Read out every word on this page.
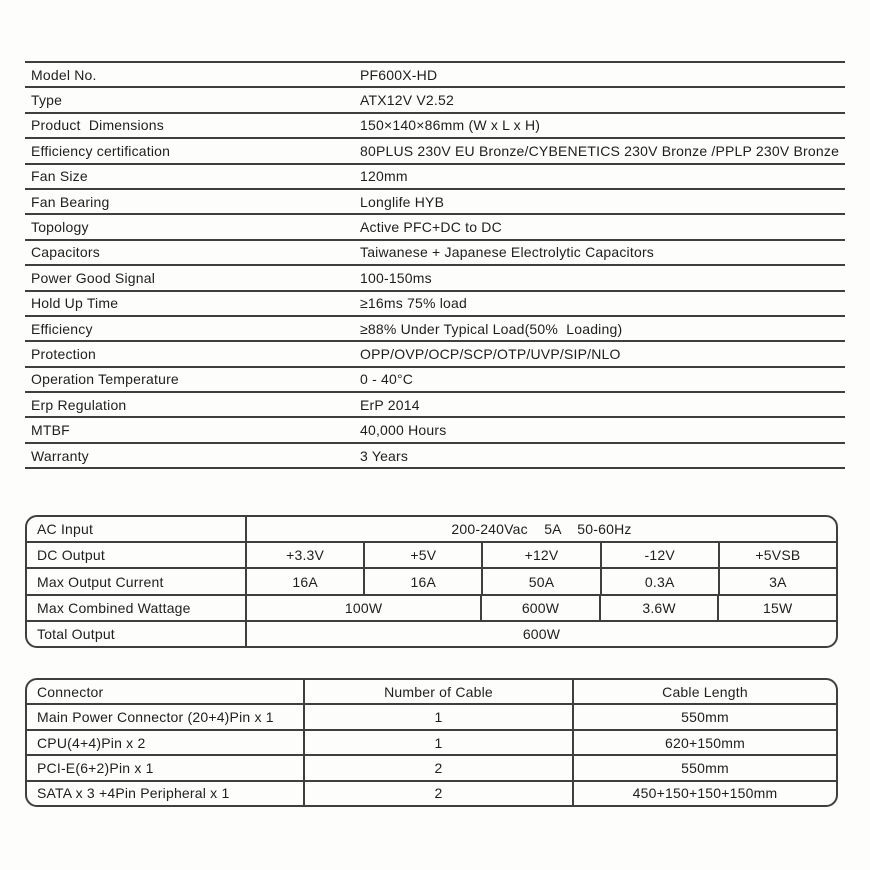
Model No.	PF600X-HD
Type	ATX12V V2.52
Product  Dimensions	150×140×86mm (W x L x H)
Efficiency certification	80PLUS 230V EU Bronze/CYBENETICS 230V Bronze /PPLP 230V Bronze
Fan Size	120mm
Fan Bearing	Longlife HYB
Topology	Active PFC+DC to DC
Capacitors	Taiwanese + Japanese Electrolytic Capacitors
Power Good Signal	100-150ms
Hold Up Time	≥16ms 75% load
Efficiency	≥88% Under Typical Load(50%  Loading)
Protection	OPP/OVP/OCP/SCP/OTP/UVP/SIP/NLO
Operation Temperature	0 - 40°C
Erp Regulation	ErP 2014
MTBF	40,000 Hours
Warranty	3 Years
AC Input	200-240Vac    5A    50-60Hz
DC Output	+3.3V	+5V	+12V	-12V	+5VSB
Max Output Current	16A	16A	50A	0.3A	3A
Max Combined Wattage	100W	600W	3.6W	15W
Total Output	600W
Connector	Number of Cable	Cable Length
Main Power Connector (20+4)Pin x 1	1	550mm
CPU(4+4)Pin x 2	1	620+150mm
PCI-E(6+2)Pin x 1	2	550mm
SATA x 3 +4Pin Peripheral x 1	2	450+150+150+150mm
